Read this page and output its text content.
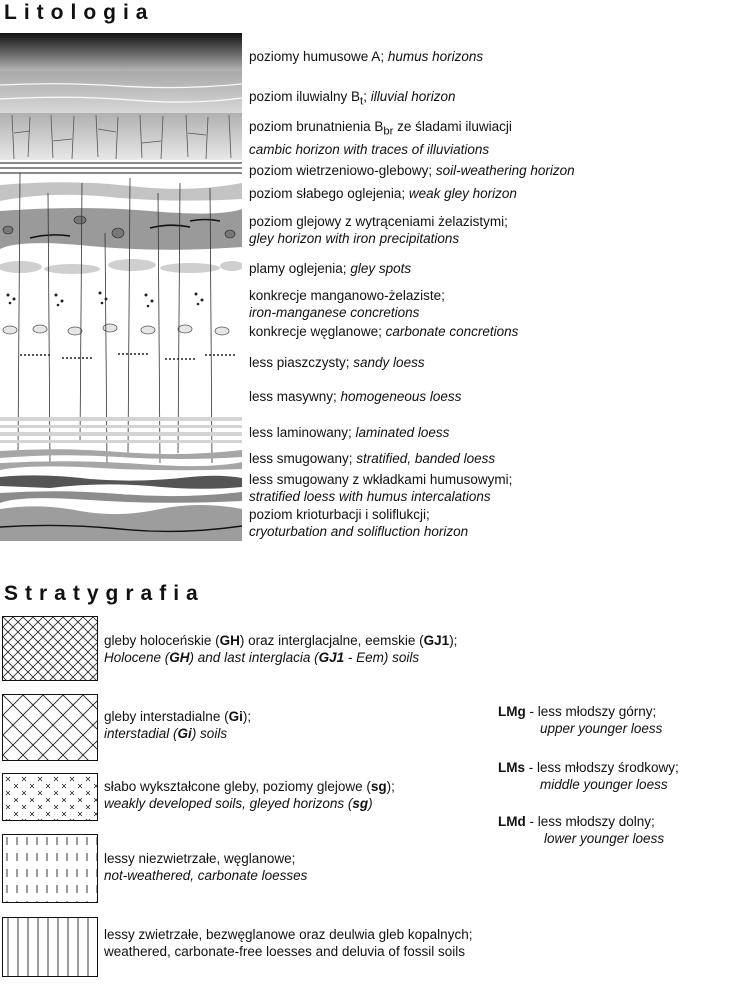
Litologia
Stratygrafia
poziomy humusowe A; humus horizons
poziom iluwialny $B_t$; illuvial horizon
poziom brunatnienia $B_{br}$ ze śladami iluwiacji
cambic horizon with traces of illuviations
poziom wietrzeniowo-glebowy; soil-weathering horizon
poziom słabego oglejenia; weak gley horizon
poziom glejowy z wytrąceniami żelazistymi;
gley horizon with iron precipitations
plamy oglejenia; gley spots
konkrecje manganowo-żelaziste;
iron-manganese concretions
konkrecje węglanowe; carbonate concretions
less piaszczysty; sandy loess
less masywny; homogeneous loess
less laminowany; laminated loess
less smugowany; stratified, banded loess
less smugowany z wkładkami humusowymi;
stratified loess with humus intercalations
poziom krioturbacji i soliflukcji;
cryoturbation and solifluction horizon
gleby holoceńskie (GH) oraz interglacjalne, eemskie (GJ1);
Holocene (GH) and last interglacia (GJ1 - Eem) soils
gleby interstadialne (Gi);
interstadial (Gi) soils
słabo wykształcone gleby, poziomy glejowe (sg);
weakly developed soils, gleyed horizons (sg)
lessy niezwietrzałe, węglanowe;
not-weathered, carbonate loesses
lessy zwietrzałe, bezwęglanowe oraz deulwia gleb kopalnych;
weathered, carbonate-free loesses and deluvia of fossil soils
LMg - less młodszy górny;
upper younger loess
LMs - less młodszy środkowy;
middle younger loess
LMd - less młodszy dolny;
lower younger loess
